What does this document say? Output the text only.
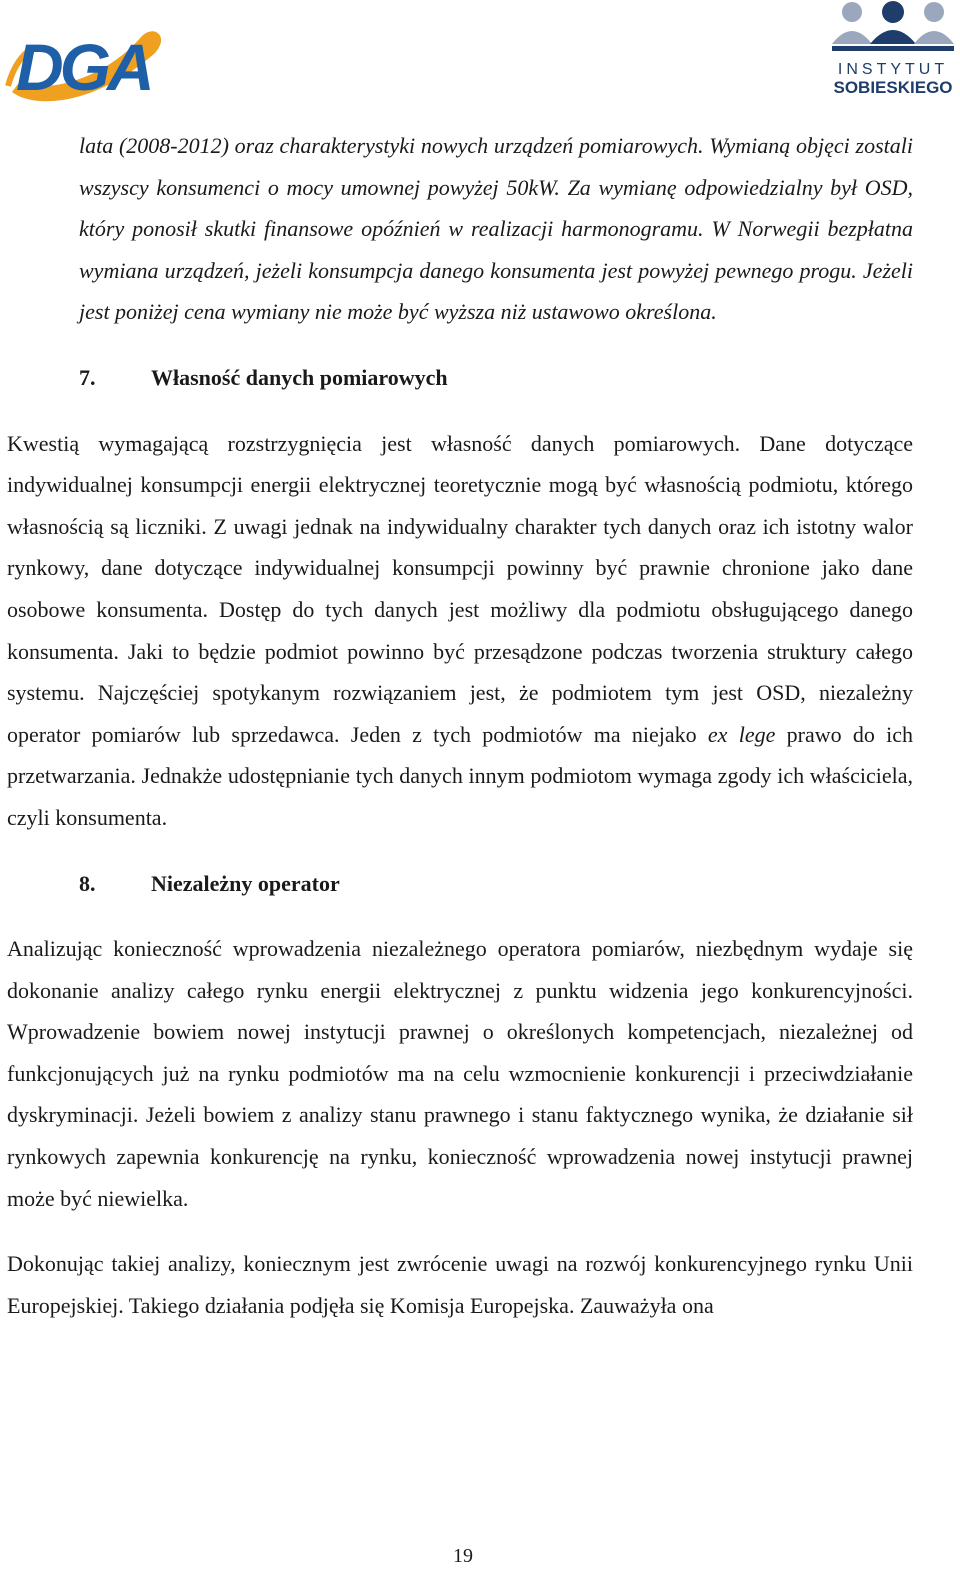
DGA	INSTYTUT
SOBIESKIEGO

lata (2008-2012) oraz charakterystyki nowych urządzeń pomiarowych. Wymianą objęci zostali wszyscy konsumenci o mocy umownej powyżej 50kW. Za wymianę odpowiedzialny był OSD, który ponosił skutki finansowe opóźnień w realizacji harmonogramu. W Norwegii bezpłatna wymiana urządzeń, jeżeli konsumpcja danego konsumenta jest powyżej pewnego progu. Jeżeli jest poniżej cena wymiany nie może być wyższa niż ustawowo określona.

7.	Własność danych pomiarowych

Kwestią wymagającą rozstrzygnięcia jest własność danych pomiarowych. Dane dotyczące indywidualnej konsumpcji energii elektrycznej teoretycznie mogą być własnością podmiotu, którego własnością są liczniki. Z uwagi jednak na indywidualny charakter tych danych oraz ich istotny walor rynkowy, dane dotyczące indywidualnej konsumpcji powinny być prawnie chronione jako dane osobowe konsumenta. Dostęp do tych danych jest możliwy dla podmiotu obsługującego danego konsumenta. Jaki to będzie podmiot powinno być przesądzone podczas tworzenia struktury całego systemu. Najczęściej spotykanym rozwiązaniem jest, że podmiotem tym jest OSD, niezależny operator pomiarów lub sprzedawca. Jeden z tych podmiotów ma niejako ex lege prawo do ich przetwarzania. Jednakże udostępnianie tych danych innym podmiotom wymaga zgody ich właściciela, czyli konsumenta.

8.	Niezależny operator

Analizując konieczność wprowadzenia niezależnego operatora pomiarów, niezbędnym wydaje się dokonanie analizy całego rynku energii elektrycznej z punktu widzenia jego konkurencyjności. Wprowadzenie bowiem nowej instytucji prawnej o określonych kompetencjach, niezależnej od funkcjonujących już na rynku podmiotów ma na celu wzmocnienie konkurencji i przeciwdziałanie dyskryminacji. Jeżeli bowiem z analizy stanu prawnego i stanu faktycznego wynika, że działanie sił rynkowych zapewnia konkurencję na rynku, konieczność wprowadzenia nowej instytucji prawnej może być niewielka.

Dokonując takiej analizy, koniecznym jest zwrócenie uwagi na rozwój konkurencyjnego rynku Unii Europejskiej. Takiego działania podjęła się Komisja Europejska. Zauważyła ona

19
